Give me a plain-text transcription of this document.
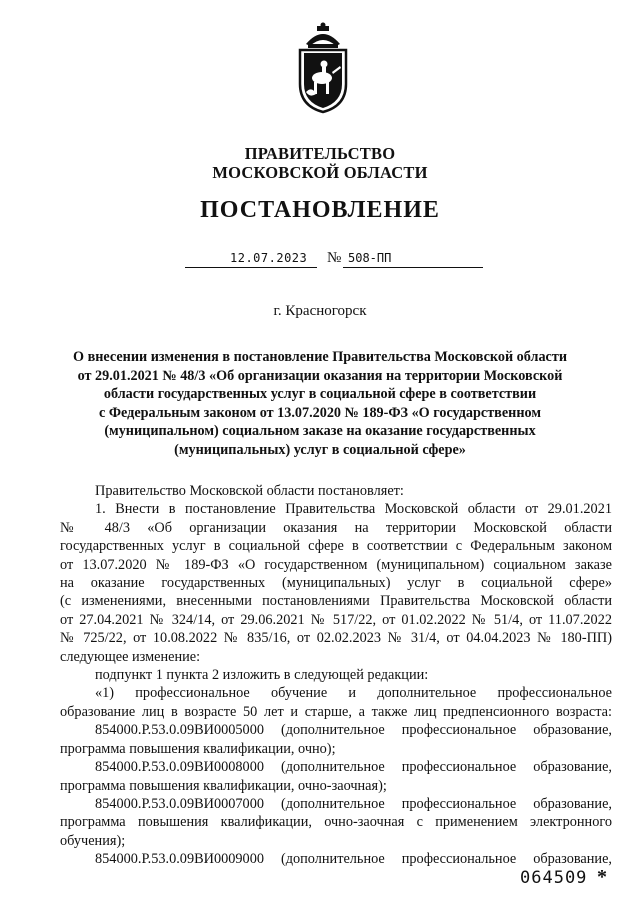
ПРАВИТЕЛЬСТВО
МОСКОВСКОЙ ОБЛАСТИ
ПОСТАНОВЛЕНИЕ
12.07.2023 № 508-ПП
г. Красногорск
О внесении изменения в постановление Правительства Московской области
от 29.01.2021 № 48/3 «Об организации оказания на территории Московской
области государственных услуг в социальной сфере в соответствии
с Федеральным законом от 13.07.2020 № 189-ФЗ «О государственном
(муниципальном) социальном заказе на оказание государственных
(муниципальных) услуг в социальной сфере»
Правительство Московской области постановляет:
1. Внести в постановление Правительства Московской области от 29.01.2021
№ 48/3 «Об организации оказания на территории Московской области
государственных услуг в социальной сфере в соответствии с Федеральным законом
от 13.07.2020 № 189-ФЗ «О государственном (муниципальном) социальном заказе
на оказание государственных (муниципальных) услуг в социальной сфере»
(с изменениями, внесенными постановлениями Правительства Московской области
от 27.04.2021 № 324/14, от 29.06.2021 № 517/22, от 01.02.2022 № 51/4, от 11.07.2022
№ 725/22, от 10.08.2022 № 835/16, от 02.02.2023 № 31/4, от 04.04.2023 № 180-ПП)
следующее изменение:
подпункт 1 пункта 2 изложить в следующей редакции:
«1) профессиональное обучение и дополнительное профессиональное
образование лиц в возрасте 50 лет и старше, а также лиц предпенсионного возраста:
854000.Р.53.0.09ВИ0005000 (дополнительное профессиональное образование,
программа повышения квалификации, очно);
854000.Р.53.0.09ВИ0008000 (дополнительное профессиональное образование,
программа повышения квалификации, очно-заочная);
854000.Р.53.0.09ВИ0007000 (дополнительное профессиональное образование,
программа повышения квалификации, очно-заочная с применением электронного
обучения);
854000.Р.53.0.09ВИ0009000 (дополнительное профессиональное образование,
064509 *
